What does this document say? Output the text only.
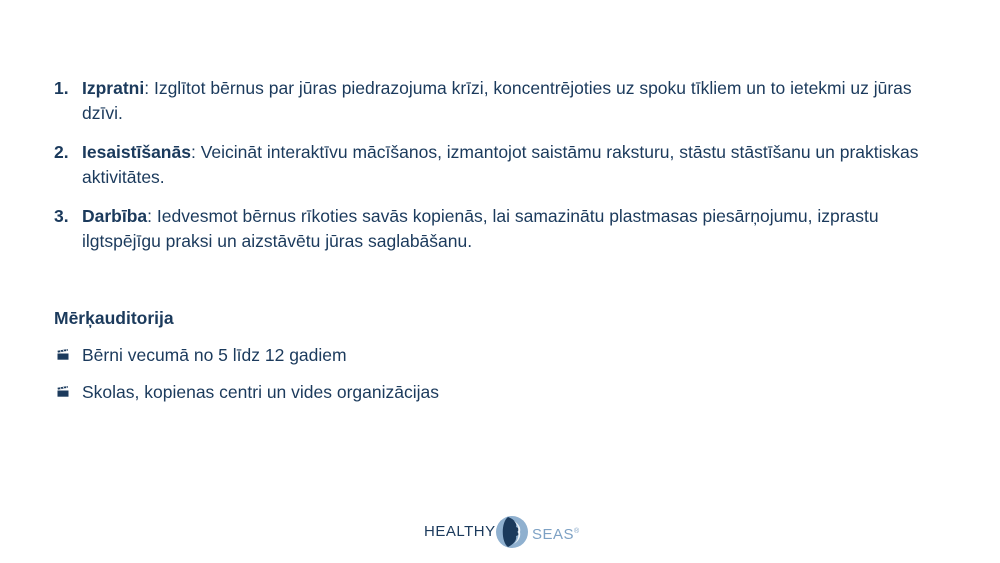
1. Izpratni: Izglītot bērnus par jūras piedrazojuma krīzi, koncentrējoties uz spoku tīkliem un to ietekmi uz jūras dzīvi.
2. Iesaistīšanās: Veicināt interaktīvu mācīšanos, izmantojot saistāmu raksturu, stāstu stāstīšanu un praktiskas aktivitātes.
3. Darbība: Iedvesmot bērnus rīkoties savās kopienās, lai samazinātu plastmasas piesārņojumu, izprastu ilgtspējīgu praksi un aizstāvētu jūras saglabāšanu.
Mērķauditorija
Bērni vecumā no 5 līdz 12 gadiem
Skolas, kopienas centri un vides organizācijas
HEALTHY SEAS®
